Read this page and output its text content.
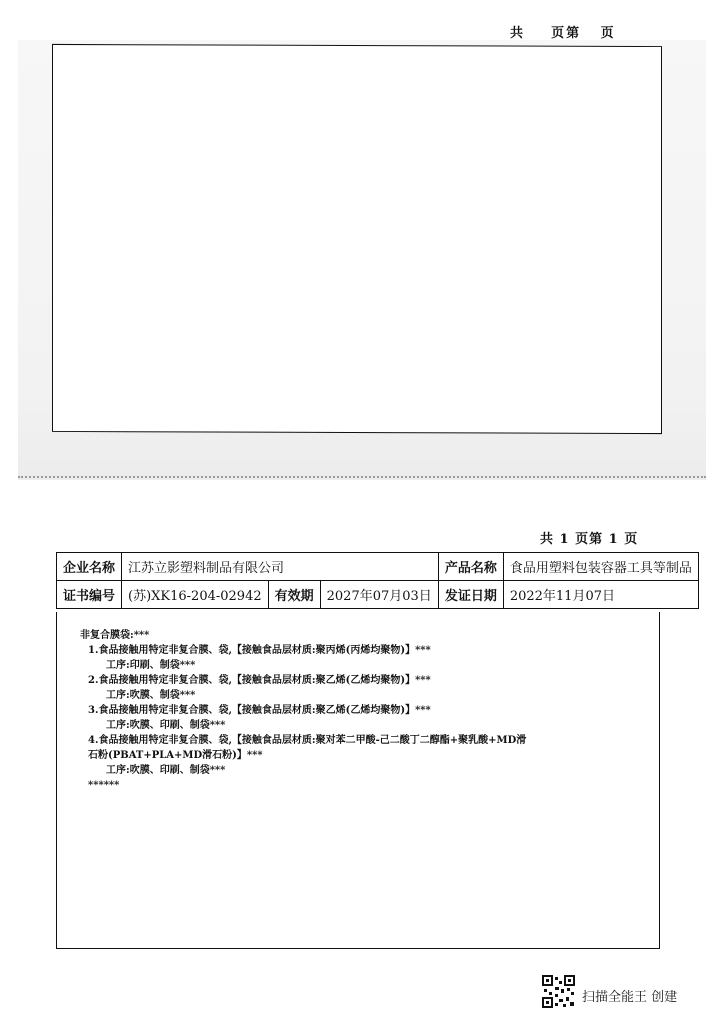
共    页第   页
共 1 页第 1 页
企业名称	江苏立影塑料制品有限公司			产品名称	食品用塑料包装容器工具等制品
证书编号	(苏)XK16-204-02942	有效期	2027年07月03日	发证日期	2022年11月07日

非复合膜袋:***

1.食品接触用特定非复合膜、袋,【接触食品层材质:聚丙烯(丙烯均聚物)】***

工序:印刷、制袋***

2.食品接触用特定非复合膜、袋,【接触食品层材质:聚乙烯(乙烯均聚物)】***

工序:吹膜、制袋***

3.食品接触用特定非复合膜、袋,【接触食品层材质:聚乙烯(乙烯均聚物)】***

工序:吹膜、印刷、制袋***

4.食品接触用特定非复合膜、袋,【接触食品层材质:聚对苯二甲酸-己二酸丁二醇酯+聚乳酸+MD滑

石粉(PBAT+PLA+MD滑石粉)】***

工序:吹膜、印刷、制袋***

******

扫描全能王 创建
